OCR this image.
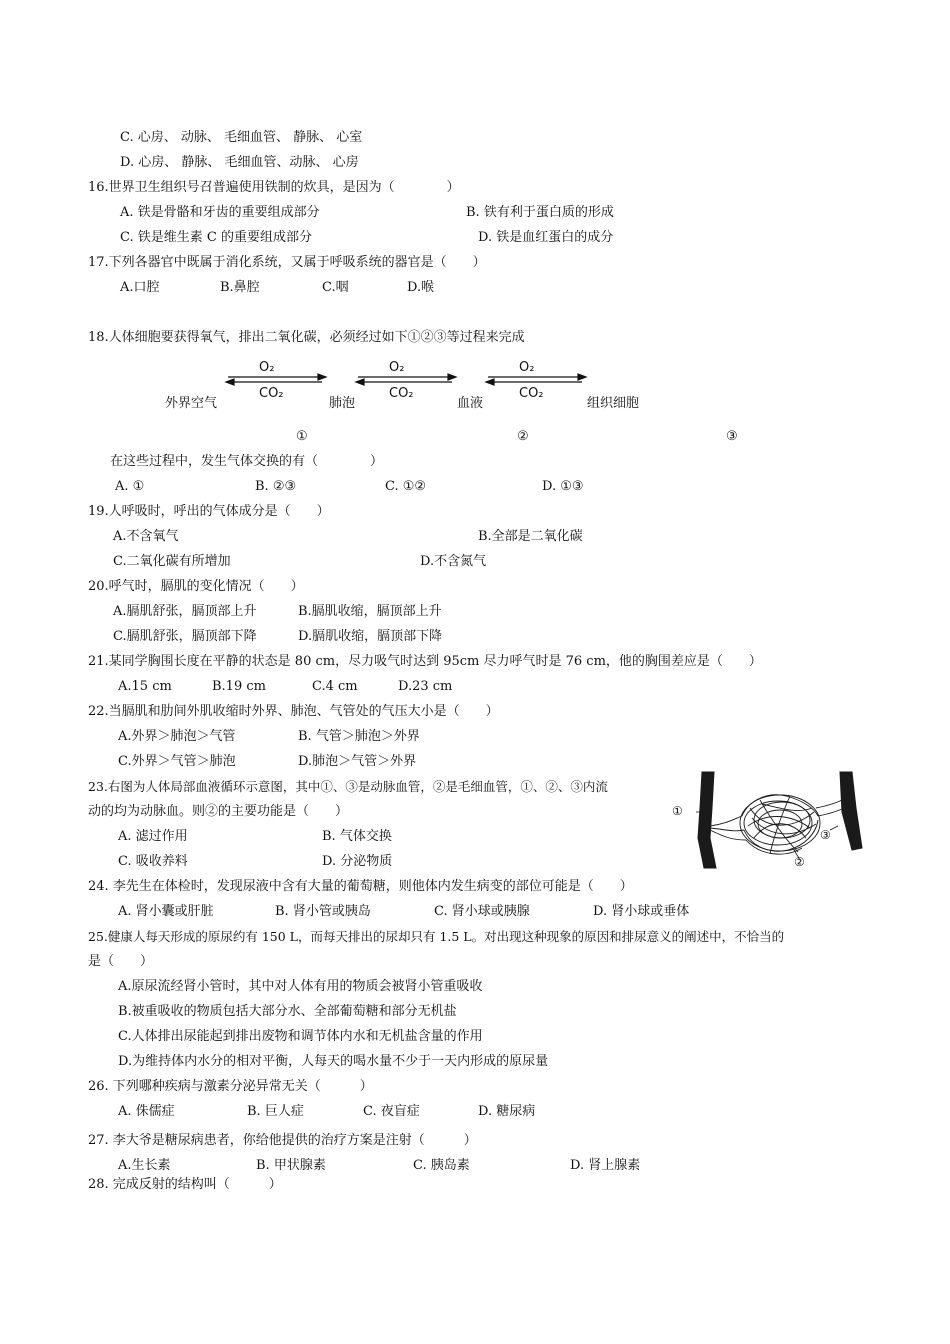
C. 心房、 动脉、 毛细血管、 静脉、 心室
D. 心房、 静脉、 毛细血管、动脉、 心房
16.世界卫生组织号召普遍使用铁制的炊具，是因为（　　　　）
A. 铁是骨骼和牙齿的重要组成部分	B. 铁有利于蛋白质的形成
C. 铁是维生素 C 的重要组成部分	D. 铁是血红蛋白的成分
17.下列各器官中既属于消化系统，又属于呼吸系统的器官是（　　）
A.口腔	B.鼻腔	C.咽	D.喉
18.人体细胞要获得氧气，排出二氧化碳，必须经过如下①②③等过程来完成
O₂
CO₂
O₂
CO₂
O₂
CO₂
外界空气	肺泡	血液	组织细胞
①	②	③
在这些过程中，发生气体交换的有（　　　　）
A. ①	B. ②③	C. ①②	D. ①③
19.人呼吸时，呼出的气体成分是（　　）
A.不含氧气	B.全部是二氧化碳
C.二氧化碳有所增加	D.不含氮气
20.呼气时，膈肌的变化情况（　　）
A.膈肌舒张，膈顶部上升	B.膈肌收缩，膈顶部上升
C.膈肌舒张，膈顶部下降	D.膈肌收缩，膈顶部下降
21.某同学胸围长度在平静的状态是 80 cm，尽力吸气时达到 95cm 尽力呼气时是 76 cm，他的胸围差应是（　　）
A.15 cm	B.19 cm	C.4 cm	D.23 cm
22.当膈肌和肋间外肌收缩时外界、肺泡、气管处的气压大小是（　　）
A.外界＞肺泡＞气管	B. 气管＞肺泡＞外界
C.外界＞气管＞肺泡	D.肺泡＞气管＞外界
23.右图为人体局部血液循环示意图，其中①、③是动脉血管，②是毛细血管，①、②、③内流
动的均为动脉血。则②的主要功能是（　　）
A. 滤过作用	B. 气体交换
C. 吸收养料	D. 分泌物质
①
②
③
24. 李先生在体检时，发现尿液中含有大量的葡萄糖，则他体内发生病变的部位可能是（　　）
A. 肾小囊或肝脏	B. 肾小管或胰岛	C. 肾小球或胰腺	D. 肾小球或垂体
25.健康人每天形成的原尿约有 150 L，而每天排出的尿却只有 1.5 L。对出现这种现象的原因和排尿意义的阐述中，不恰当的
是（　　）
A.原尿流经肾小管时，其中对人体有用的物质会被肾小管重吸收
B.被重吸收的物质包括大部分水、全部葡萄糖和部分无机盐
C.人体排出尿能起到排出废物和调节体内水和无机盐含量的作用
D.为维持体内水分的相对平衡，人每天的喝水量不少于一天内形成的原尿量
26. 下列哪种疾病与激素分泌异常无关（　　　）
A. 侏儒症	B. 巨人症	C. 夜盲症	D. 糖尿病
27. 李大爷是糖尿病患者，你给他提供的治疗方案是注射（　　　）
A.生长素	B. 甲状腺素	C. 胰岛素	D. 肾上腺素
28. 完成反射的结构叫（　　　）
